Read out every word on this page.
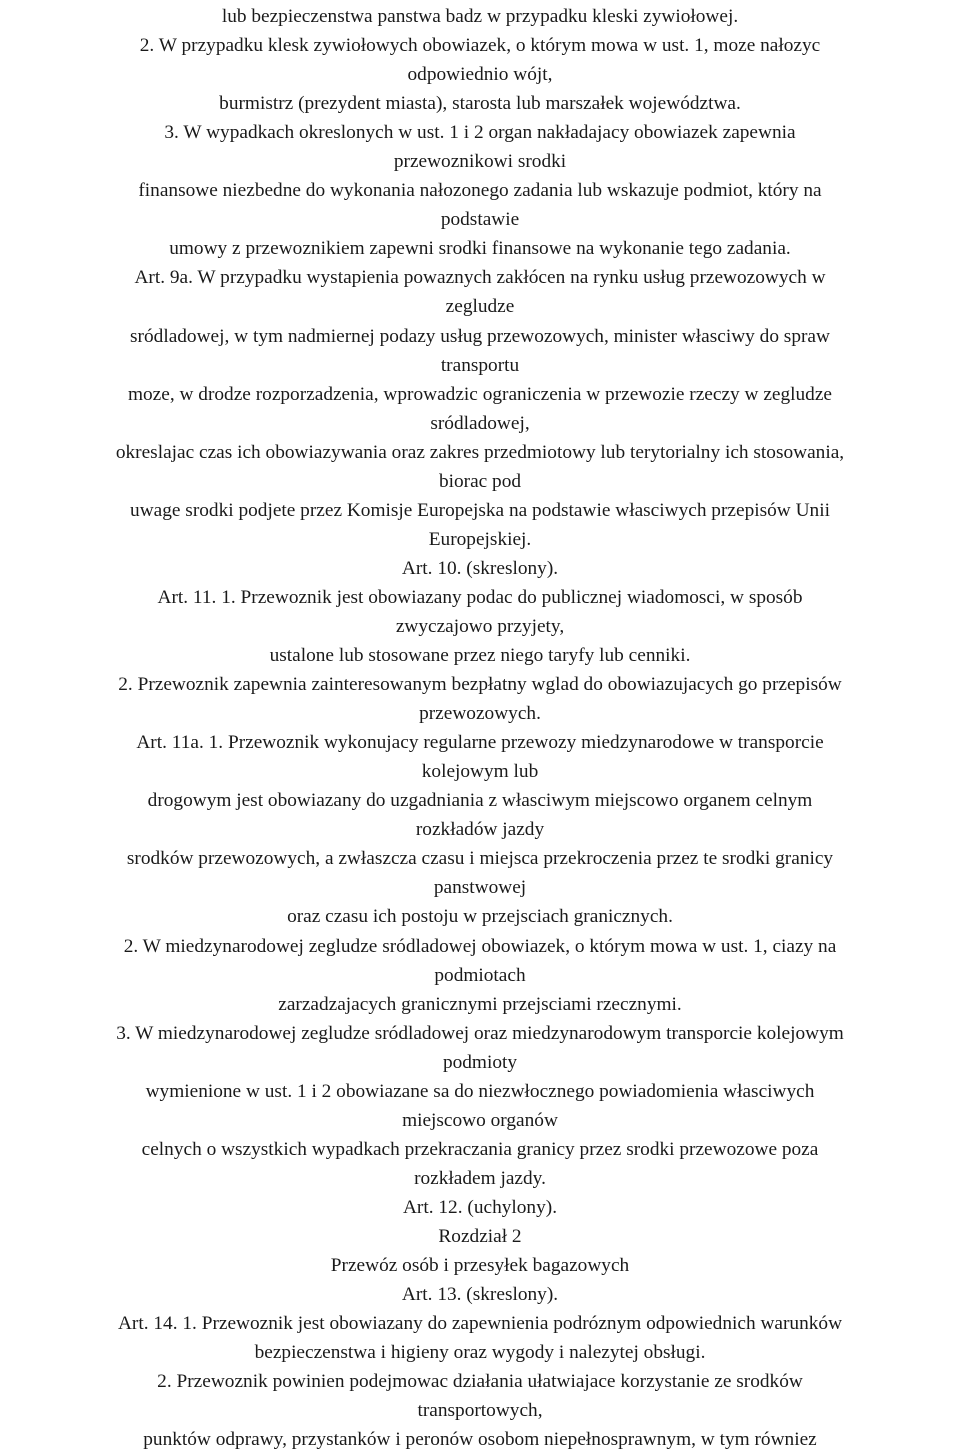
lub bezpieczenstwa panstwa badz w przypadku kleski zywiołowej.
2. W przypadku klesk zywiołowych obowiazek, o którym mowa w ust. 1, moze nałozyc
odpowiednio wójt,
burmistrz (prezydent miasta), starosta lub marszałek województwa.
3. W wypadkach okreslonych w ust. 1 i 2 organ nakładajacy obowiazek zapewnia
przewoznikowi srodki
finansowe niezbedne do wykonania nałozonego zadania lub wskazuje podmiot, który na
podstawie
umowy z przewoznikiem zapewni srodki finansowe na wykonanie tego zadania.
Art. 9a. W przypadku wystapienia powaznych zakłócen na rynku usług przewozowych w
zegludze
sródladowej, w tym nadmiernej podazy usług przewozowych, minister własciwy do spraw
transportu
moze, w drodze rozporzadzenia, wprowadzic ograniczenia w przewozie rzeczy w zegludze
sródladowej,
okreslajac czas ich obowiazywania oraz zakres przedmiotowy lub terytorialny ich stosowania,
biorac pod
uwage srodki podjete przez Komisje Europejska na podstawie własciwych przepisów Unii
Europejskiej.
Art. 10. (skreslony).
Art. 11. 1. Przewoznik jest obowiazany podac do publicznej wiadomosci, w sposób
zwyczajowo przyjety,
ustalone lub stosowane przez niego taryfy lub cenniki.
2. Przewoznik zapewnia zainteresowanym bezpłatny wglad do obowiazujacych go przepisów
przewozowych.
Art. 11a. 1. Przewoznik wykonujacy regularne przewozy miedzynarodowe w transporcie
kolejowym lub
drogowym jest obowiazany do uzgadniania z własciwym miejscowo organem celnym
rozkładów jazdy
srodków przewozowych, a zwłaszcza czasu i miejsca przekroczenia przez te srodki granicy
panstwowej
oraz czasu ich postoju w przejsciach granicznych.
2. W miedzynarodowej zegludze sródladowej obowiazek, o którym mowa w ust. 1, ciazy na
podmiotach
zarzadzajacych granicznymi przejsciami rzecznymi.
3. W miedzynarodowej zegludze sródladowej oraz miedzynarodowym transporcie kolejowym
podmioty
wymienione w ust. 1 i 2 obowiazane sa do niezwłocznego powiadomienia własciwych
miejscowo organów
celnych o wszystkich wypadkach przekraczania granicy przez srodki przewozowe poza
rozkładem jazdy.
Art. 12. (uchylony).
Rozdział 2
Przewóz osób i przesyłek bagazowych
Art. 13. (skreslony).
Art. 14. 1. Przewoznik jest obowiazany do zapewnienia podróznym odpowiednich warunków
bezpieczenstwa i higieny oraz wygody i nalezytej obsługi.
2. Przewoznik powinien podejmowac działania ułatwiajace korzystanie ze srodków
transportowych,
punktów odprawy, przystanków i peronów osobom niepełnosprawnym, w tym równiez
